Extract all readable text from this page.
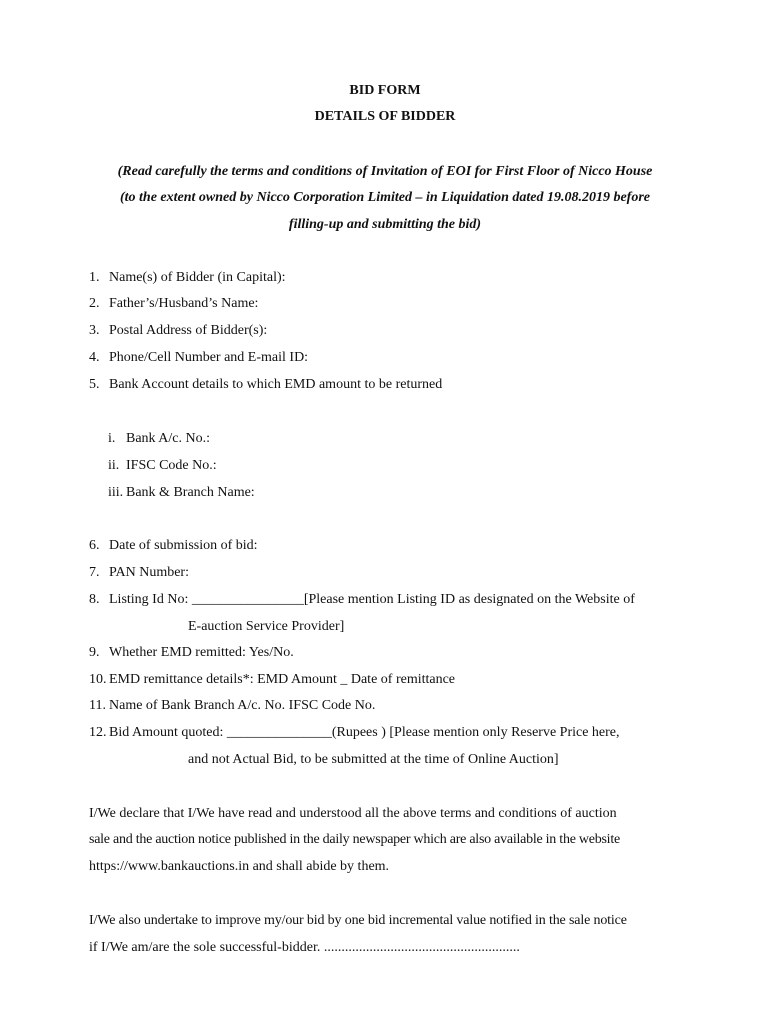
BID FORM
DETAILS OF BIDDER
(Read carefully the terms and conditions of Invitation of EOI for First Floor of Nicco House
(to the extent owned by Nicco Corporation Limited – in Liquidation dated 19.08.2019 before
filling-up and submitting the bid)
1. Name(s) of Bidder (in Capital):
2. Father’s/Husband’s Name:
3. Postal Address of Bidder(s):
4. Phone/Cell Number and E-mail ID:
5. Bank Account details to which EMD amount to be returned
i. Bank A/c. No.:
ii. IFSC Code No.:
iii. Bank & Branch Name:
6. Date of submission of bid:
7. PAN Number:
8. Listing Id No: ________________[Please mention Listing ID as designated on the Website of
E-auction Service Provider]
9. Whether EMD remitted: Yes/No.
10. EMD remittance details*: EMD Amount _ Date of remittance
11. Name of Bank Branch A/c. No. IFSC Code No.
12. Bid Amount quoted: _______________(Rupees ) [Please mention only Reserve Price here,
and not Actual Bid, to be submitted at the time of Online Auction]
I/We declare that I/We have read and understood all the above terms and conditions of auction
sale and the auction notice published in the daily newspaper which are also available in the website
https://www.bankauctions.in and shall abide by them.
I/We also undertake to improve my/our bid by one bid incremental value notified in the sale notice
if I/We am/are the sole successful-bidder. ........................................................
